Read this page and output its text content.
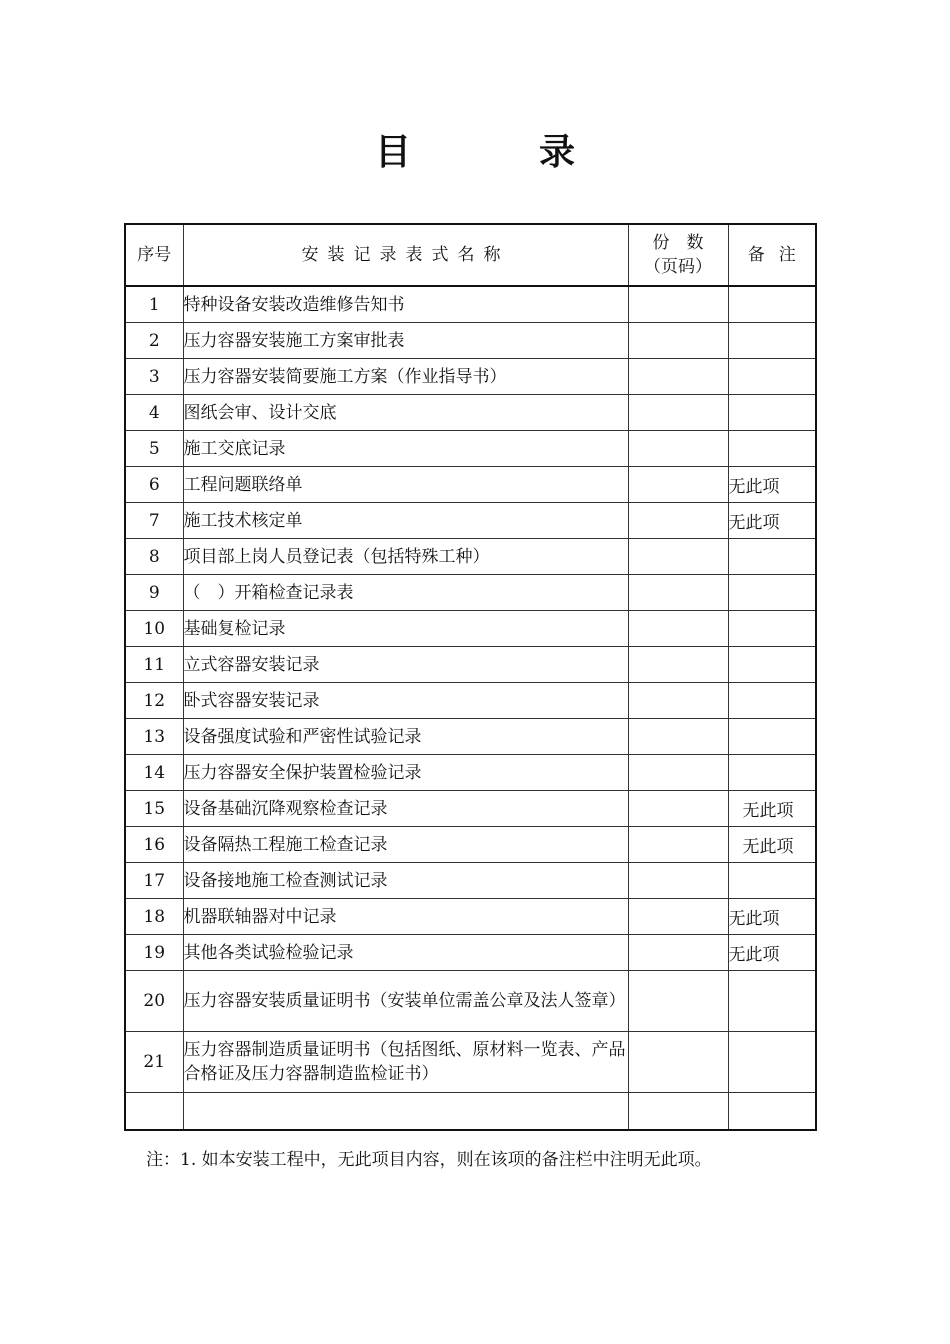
目　录
序号	安装记录表式名称	份　数
（页码）	备注
1	特种设备安装改造维修告知书		
2	压力容器安装施工方案审批表		
3	压力容器安装简要施工方案（作业指导书）		
4	图纸会审、设计交底		
5	施工交底记录		
6	工程问题联络单		无此项
7	施工技术核定单		无此项
8	项目部上岗人员登记表（包括特殊工种）		
9	（　）开箱检查记录表		
10	基础复检记录		
11	立式容器安装记录		
12	卧式容器安装记录		
13	设备强度试验和严密性试验记录		
14	压力容器安全保护装置检验记录		
15	设备基础沉降观察检查记录		无此项
16	设备隔热工程施工检查记录		无此项
17	设备接地施工检查测试记录		
18	机器联轴器对中记录		无此项
19	其他各类试验检验记录		无此项
20	压力容器安装质量证明书（安装单位需盖公章及法人签章）		
21	压力容器制造质量证明书（包括图纸、原材料一览表、产品合格证及压力容器制造监检证书）		

注：1. 如本安装工程中，无此项目内容，则在该项的备注栏中注明无此项。
